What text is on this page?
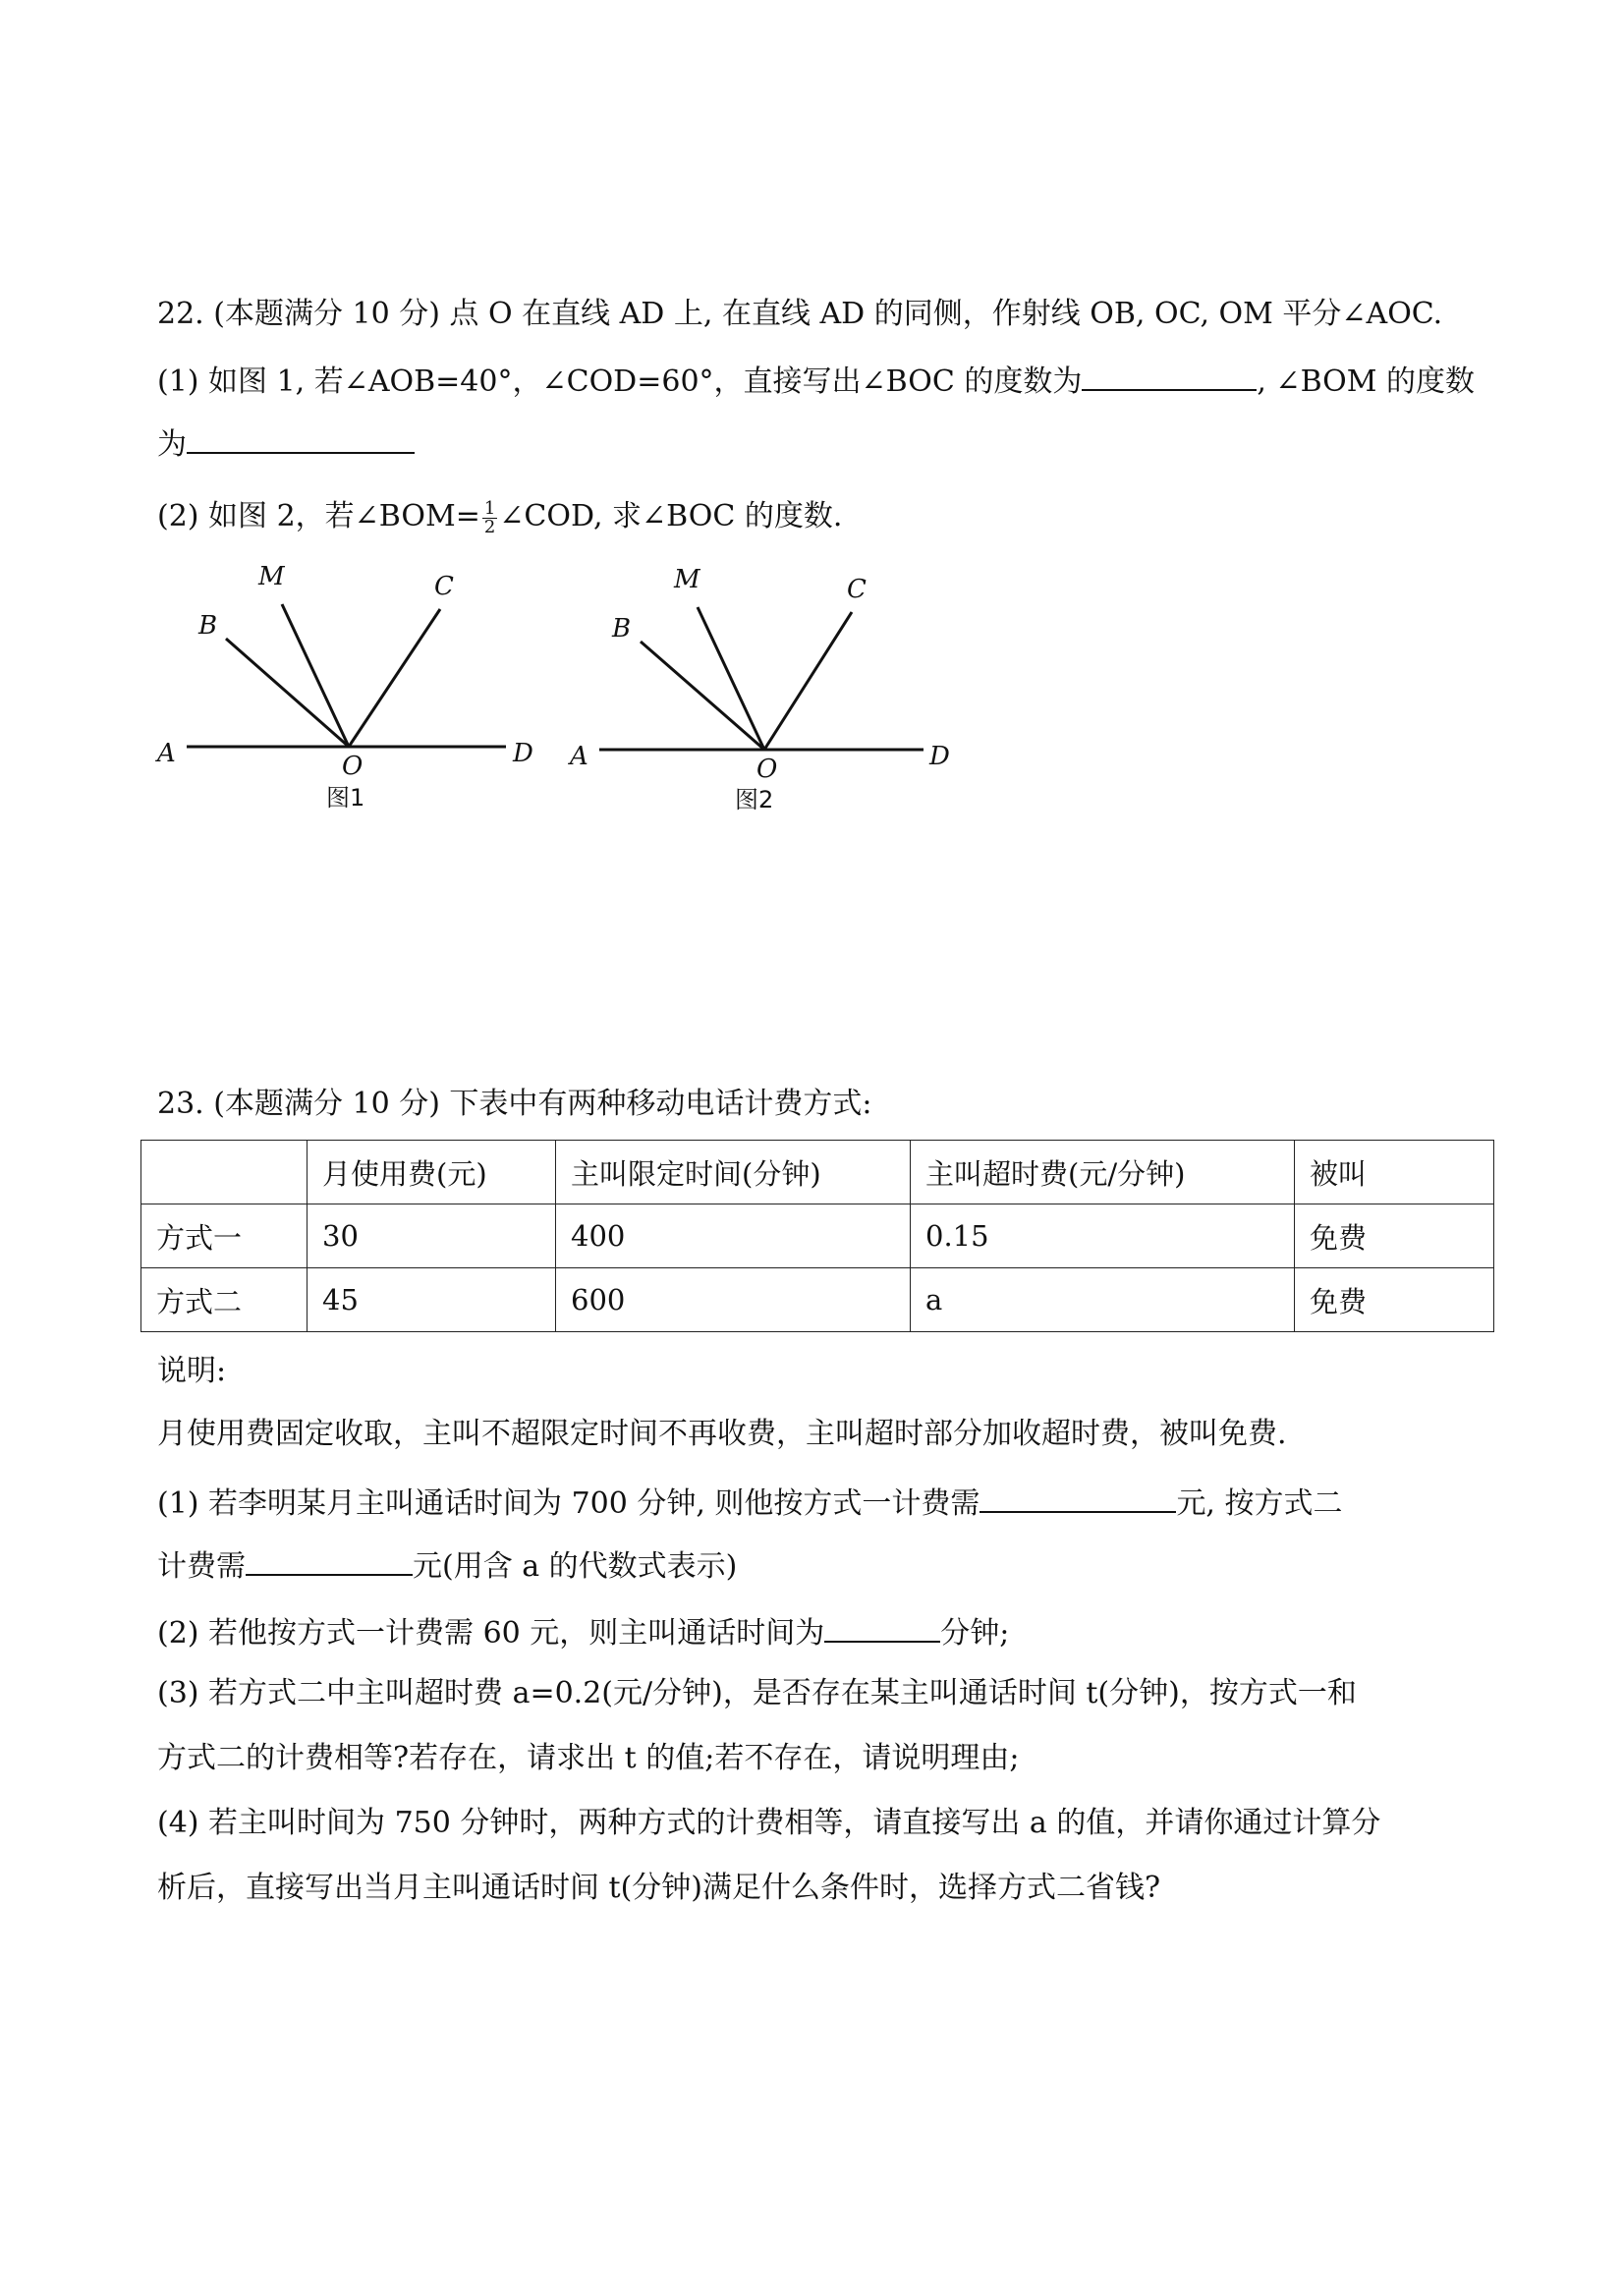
22. (本题满分 10 分) 点 O 在直线 AD 上, 在直线 AD 的同侧，作射线 OB, OC, OM 平分∠AOC.
(1) 如图 1, 若∠AOB=40°，∠COD=60°，直接写出∠BOC 的度数为	, ∠BOM 的度数
为
(2) 如图 2，若∠BOM= $\frac{1}{2}$ ∠COD, 求∠BOC 的度数.
A
B
M	C
O	D
图1
A
B
M	C
O	D
图2
23. (本题满分 10 分) 下表中有两种移动电话计费方式:
	月使用费(元)	主叫限定时间(分钟)	主叫超时费(元/分钟)	被叫
方式一	30	400	0.15	免费
方式二	45	600	a	免费
说明:
月使用费固定收取，主叫不超限定时间不再收费，主叫超时部分加收超时费，被叫免费.
(1) 若李明某月主叫通话时间为 700 分钟, 则他按方式一计费需	元, 按方式二
计费需	元(用含 a 的代数式表示)
(2) 若他按方式一计费需 60 元，则主叫通话时间为	分钟;
(3) 若方式二中主叫超时费 a=0.2(元/分钟)，是否存在某主叫通话时间 t(分钟)，按方式一和
方式二的计费相等?若存在，请求出 t 的值;若不存在，请说明理由;
(4) 若主叫时间为 750 分钟时，两种方式的计费相等，请直接写出 a 的值，并请你通过计算分
析后，直接写出当月主叫通话时间 t(分钟)满足什么条件时，选择方式二省钱?
